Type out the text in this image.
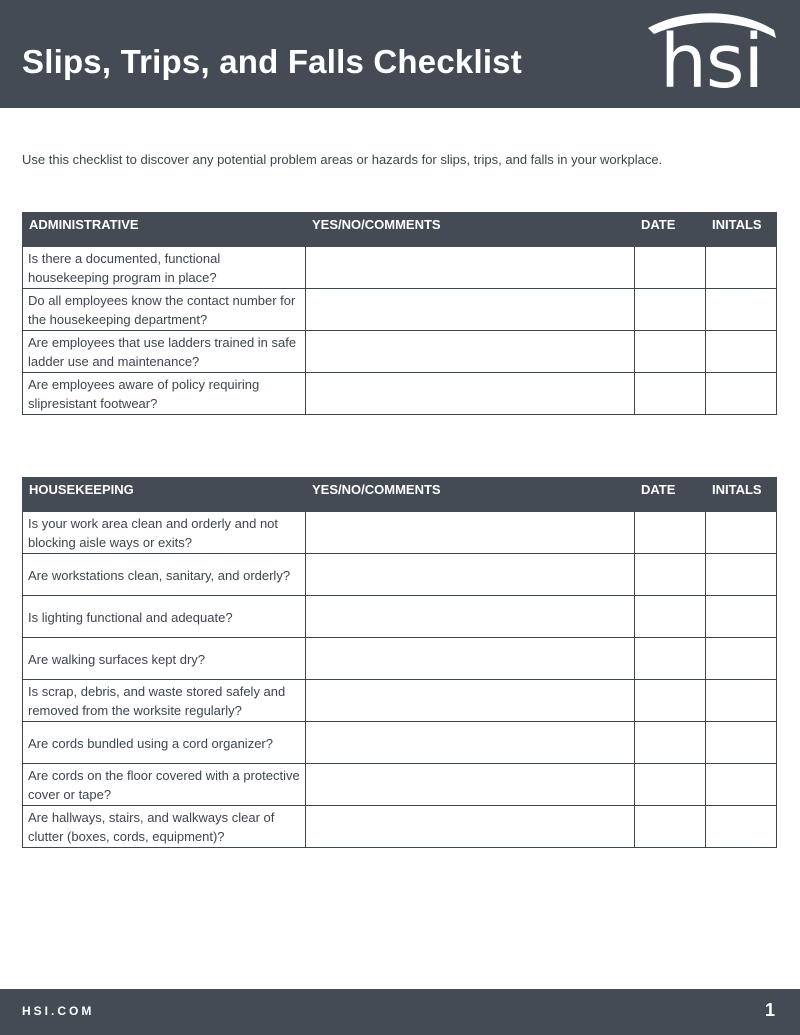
Slips, Trips, and Falls Checklist hsi
Use this checklist to discover any potential problem areas or hazards for slips, trips, and falls in your workplace.
ADMINISTRATIVE	YES/NO/COMMENTS	DATE	INITALS
Is there a documented, functional housekeeping program in place?			
Do all employees know the contact number for the housekeeping department?			
Are employees that use ladders trained in safe ladder use and maintenance?			
Are employees aware of policy requiring slipresistant footwear?			
HOUSEKEEPING	YES/NO/COMMENTS	DATE	INITALS
Is your work area clean and orderly and not blocking aisle ways or exits?			
Are workstations clean, sanitary, and orderly?			
Is lighting functional and adequate?			
Are walking surfaces kept dry?			
Is scrap, debris, and waste stored safely and removed from the worksite regularly?			
Are cords bundled using a cord organizer?			
Are cords on the floor covered with a protective cover or tape?			
Are hallways, stairs, and walkways clear of clutter (boxes, cords, equipment)?			
HSI.COM	1
